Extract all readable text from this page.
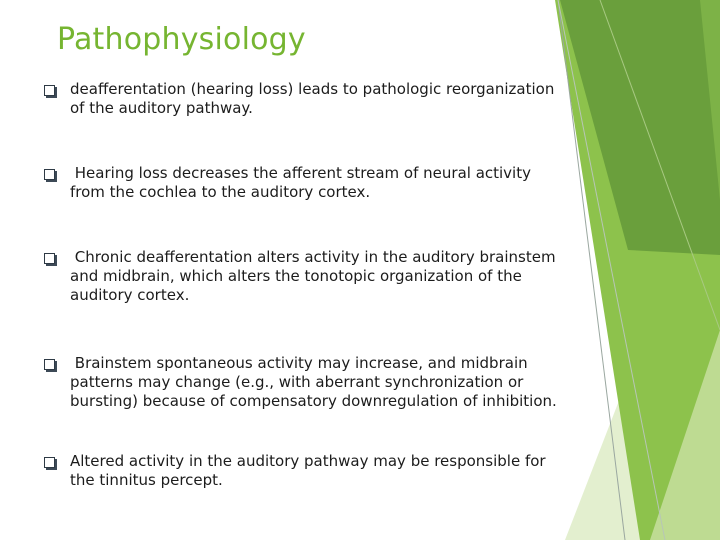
Pathophysiology
deafferentation (hearing loss) leads to pathologic reorganization of the auditory pathway.
Hearing loss decreases the afferent stream of neural activity from the cochlea to the auditory cortex.
Chronic deafferentation alters activity in the auditory brainstem and midbrain, which alters the tonotopic organization of the auditory cortex.
Brainstem spontaneous activity may increase, and midbrain patterns may change (e.g., with aberrant synchronization or bursting) because of compensatory downregulation of inhibition.
Altered activity in the auditory pathway may be responsible for the tinnitus percept.
